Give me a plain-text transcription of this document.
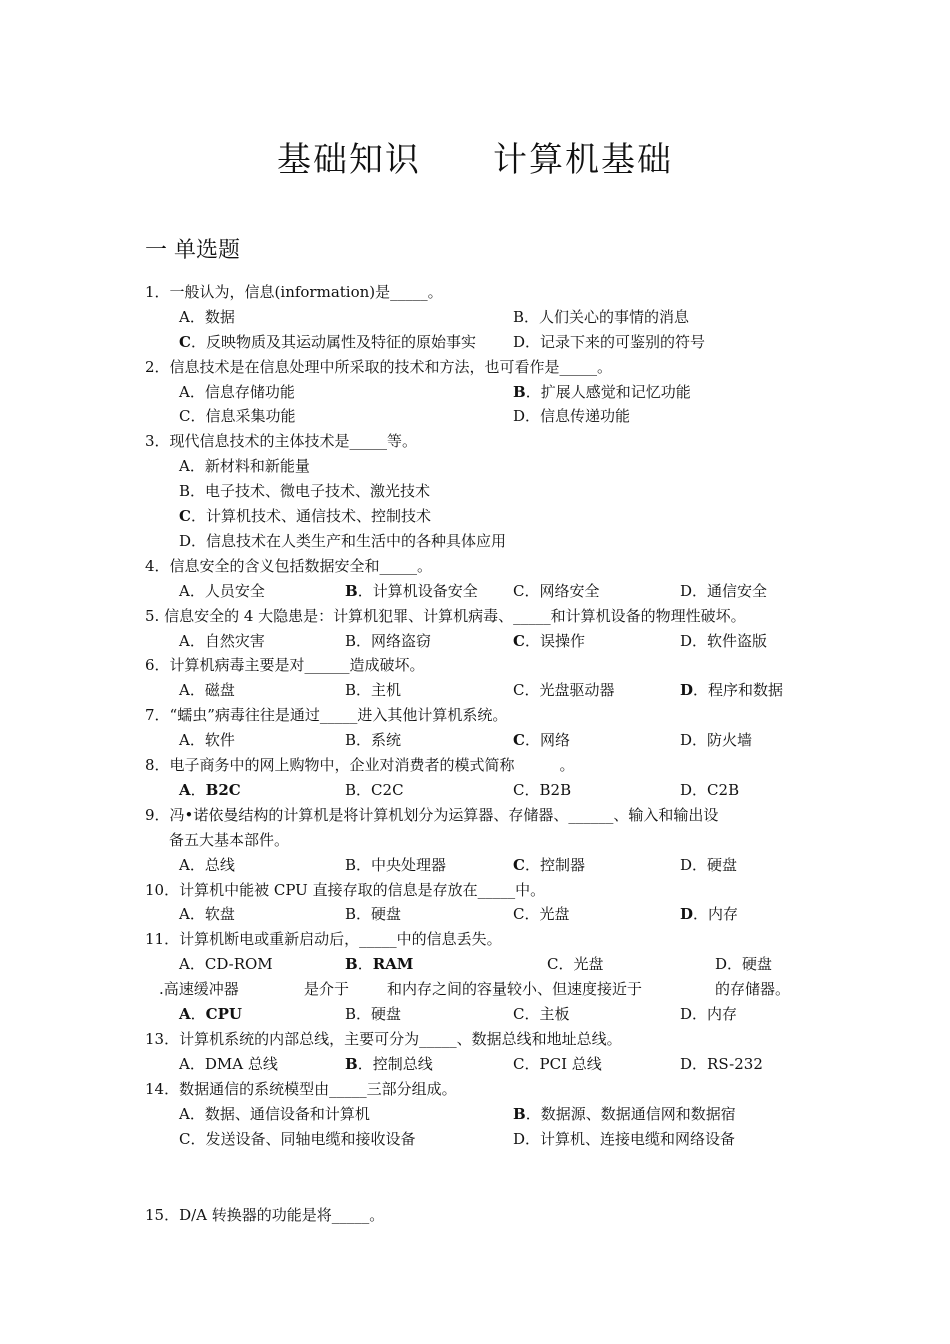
基础知识　　计算机基础
一 单选题
1．一般认为，信息(information)是_____。
A．数据	B．人们关心的事情的消息
C．反映物质及其运动属性及特征的原始事实 D．记录下来的可鉴别的符号
2．信息技术是在信息处理中所采取的技术和方法，也可看作是_____。
A．信息存储功能	B．扩展人感觉和记忆功能
C．信息采集功能	D．信息传递功能
3．现代信息技术的主体技术是_____等。
A．新材料和新能量
B．电子技术、微电子技术、激光技术
C．计算机技术、通信技术、控制技术
D．信息技术在人类生产和生活中的各种具体应用
4．信息安全的含义包括数据安全和_____。
A．人员安全	B．计算机设备安全 C．网络安全	D．通信安全
5. 信息安全的 4 大隐患是：计算机犯罪、计算机病毒、_____和计算机设备的物理性破坏。
A．自然灾害	B．网络盗窃	C．误操作	D．软件盗版
6．计算机病毒主要是对______造成破坏。
A．磁盘	B．主机	C．光盘驱动器	D．程序和数据
7．“蠕虫”病毒往往是通过_____进入其他计算机系统。
A．软件	B．系统	C．网络	D．防火墙
8．电子商务中的网上购物中，企业对消费者的模式简称　　　。
A．B2C	B．C2C	C．B2B	D．C2B
9．冯•诺依曼结构的计算机是将计算机划分为运算器、存储器、______、输入和输出设
备五大基本部件。
A．总线	B．中央处理器	C．控制器	D．硬盘
10．计算机中能被 CPU 直接存取的信息是存放在_____中。
A．软盘	B．硬盘	C．光盘	D．内存
11．计算机断电或重新启动后，_____中的信息丢失。
A．CD-ROM	B．RAM	C．光盘	D．硬盘
.高速缓冲器	是介于	和内存之间的容量较小、但速度接近于	的存储器。
A．CPU	B．硬盘	C．主板	D．内存
13．计算机系统的内部总线，主要可分为_____、数据总线和地址总线。
A．DMA 总线	B．控制总线	C．PCI 总线	D．RS-232
14．数据通信的系统模型由_____三部分组成。
A．数据、通信设备和计算机	B．数据源、数据通信网和数据宿
C．发送设备、同轴电缆和接收设备	D．计算机、连接电缆和网络设备
15．D/A 转换器的功能是将_____。
